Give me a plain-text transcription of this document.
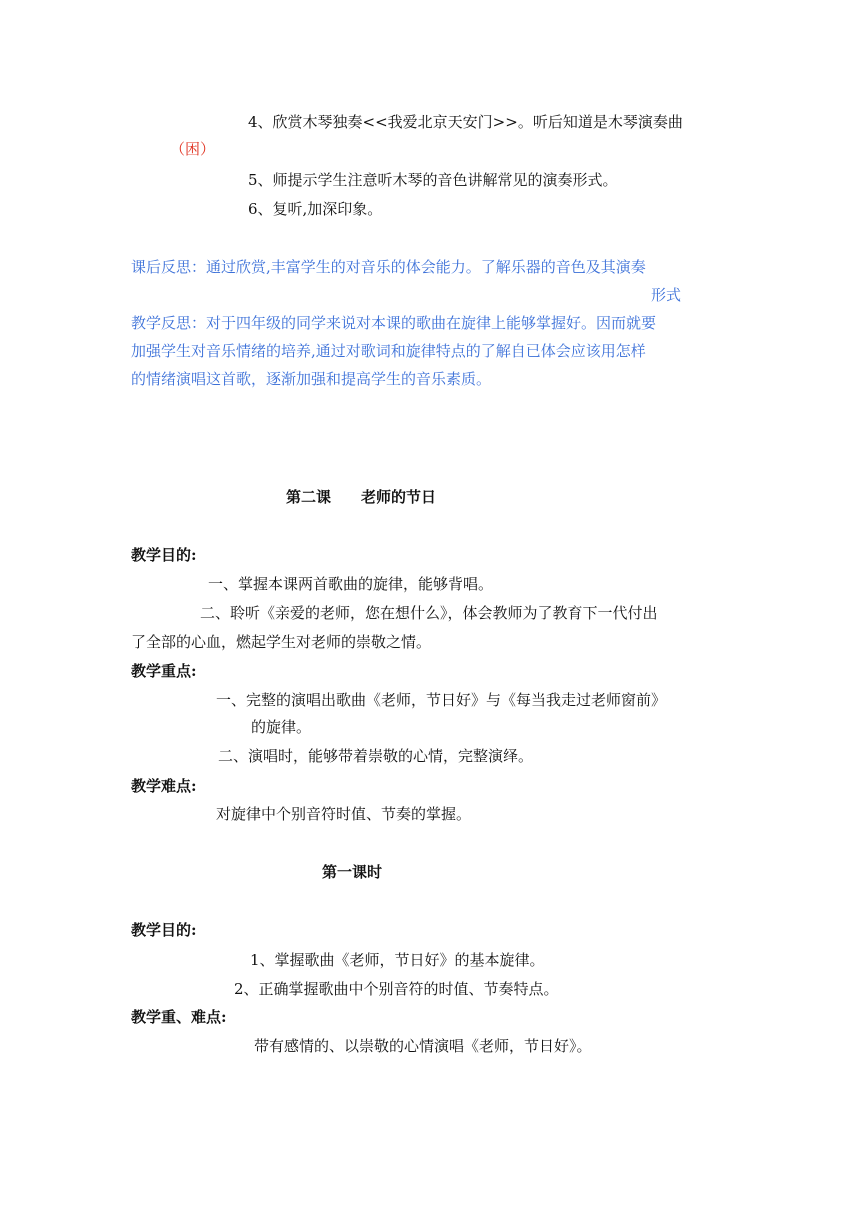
4、欣赏木琴独奏<<我爱北京天安门>>。听后知道是木琴演奏曲
（困）
5、师提示学生注意听木琴的音色讲解常见的演奏形式。
6、复听,加深印象。
课后反思：通过欣赏,丰富学生的对音乐的体会能力。了解乐器的音色及其演奏
形式
教学反思：对于四年级的同学来说对本课的歌曲在旋律上能够掌握好。因而就要
加强学生对音乐情绪的培养,通过对歌词和旋律特点的了解自已体会应该用怎样
的情绪演唱这首歌，逐渐加强和提高学生的音乐素质。
第二课　　老师的节日
教学目的:
一、掌握本课两首歌曲的旋律，能够背唱。
二、聆听《亲爱的老师，您在想什么》，体会教师为了教育下一代付出
了全部的心血，燃起学生对老师的崇敬之情。
教学重点:
一、完整的演唱出歌曲《老师，节日好》与《每当我走过老师窗前》
的旋律。
二、演唱时，能够带着崇敬的心情，完整演绎。
教学难点:
对旋律中个别音符时值、节奏的掌握。
第一课时
教学目的:
1、掌握歌曲《老师，节日好》的基本旋律。
2、正确掌握歌曲中个别音符的时值、节奏特点。
教学重、难点:
带有感情的、以崇敬的心情演唱《老师，节日好》。
